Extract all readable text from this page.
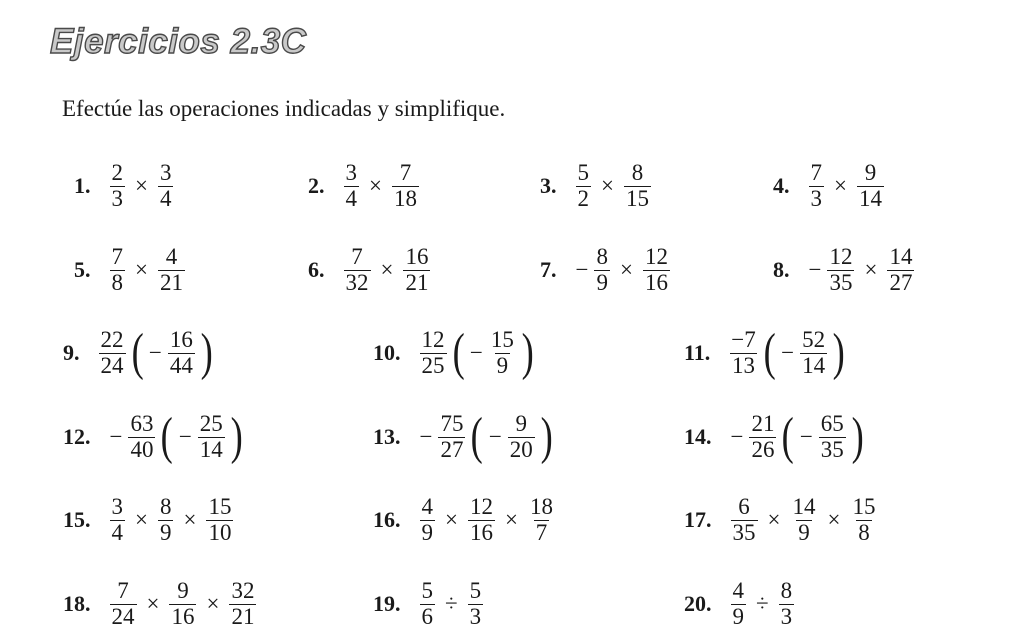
Ejercicios 2.3C
Efectúe las operaciones indicadas y simplifique.
1. $\frac{2}{3} \times \frac{3}{4}$	2. $\frac{3}{4} \times \frac{7}{18}$	3. $\frac{5}{2} \times \frac{8}{15}$	4. $\frac{7}{3} \times \frac{9}{14}$
5. $\frac{7}{8} \times \frac{4}{21}$	6. $\frac{7}{32} \times \frac{16}{21}$	7. − $\frac{8}{9} \times \frac{12}{16}$	8. − $\frac{12}{35} \times \frac{14}{27}$
9. $\frac{22}{24}$ ( − $\frac{16}{44}$ )	10. $\frac{12}{25}$ ( − $\frac{15}{9}$ )	11. $\frac{-7}{13}$ ( − $\frac{52}{14}$ )
12. − $\frac{63}{40}$ ( − $\frac{25}{14}$ )	13. − $\frac{75}{27}$ ( − $\frac{9}{20}$ )	14. − $\frac{21}{26}$ ( − $\frac{65}{35}$ )
15. $\frac{3}{4} \times \frac{8}{9} \times \frac{15}{10}$	16. $\frac{4}{9} \times \frac{12}{16} \times \frac{18}{7}$	17. $\frac{6}{35} \times \frac{14}{9} \times \frac{15}{8}$
18. $\frac{7}{24} \times \frac{9}{16} \times \frac{32}{21}$	19. $\frac{5}{6} \div \frac{5}{3}$	20. $\frac{4}{9} \div \frac{8}{3}$
